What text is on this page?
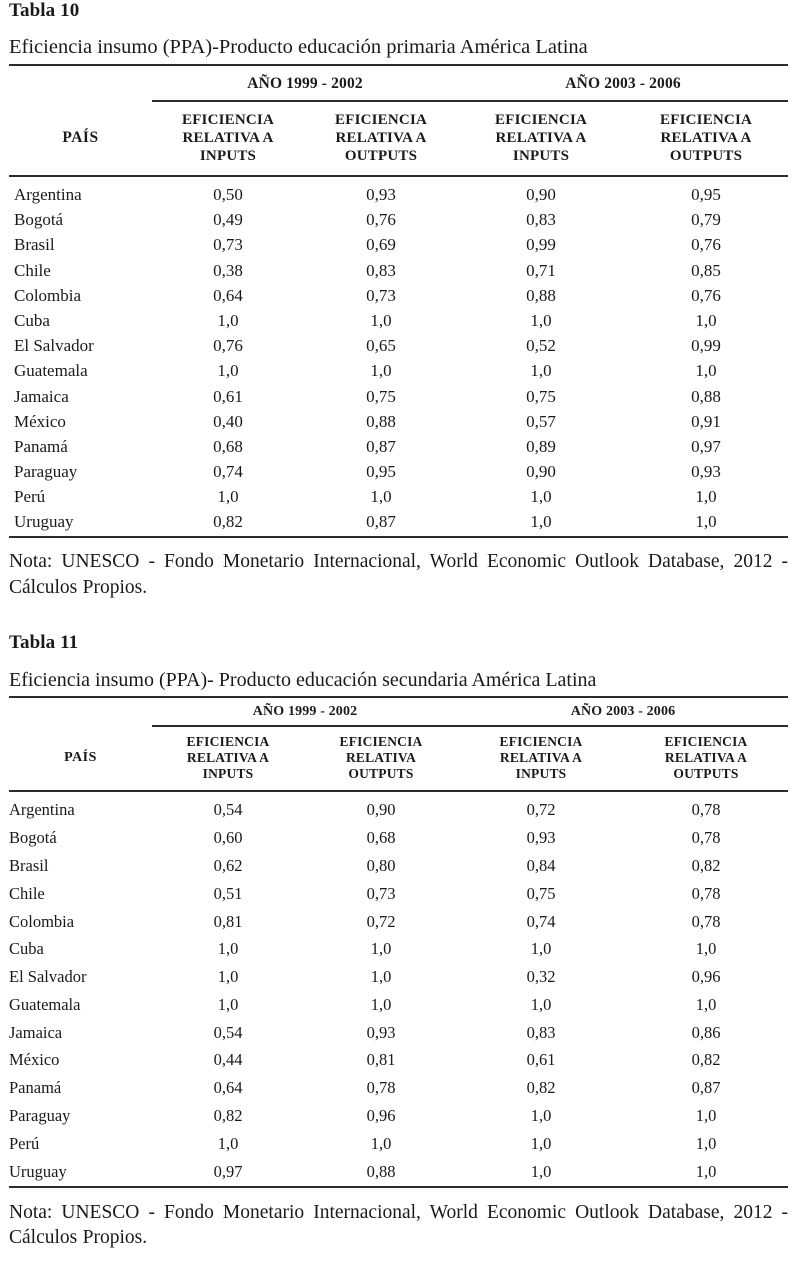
Tabla 10
Eficiencia insumo (PPA)-Producto educación primaria América Latina
	AÑO 1999 - 2002		AÑO 2003 - 2006	

PAÍS	EFICIENCIA
RELATIVA A
INPUTS	EFICIENCIA
RELATIVA A
OUTPUTS	EFICIENCIA
RELATIVA A
INPUTS	EFICIENCIA
RELATIVA A
OUTPUTS
Argentina	0,50	0,93	0,90	0,95
Bogotá	0,49	0,76	0,83	0,79
Brasil	0,73	0,69	0,99	0,76
Chile	0,38	0,83	0,71	0,85
Colombia	0,64	0,73	0,88	0,76
Cuba	1,0	1,0	1,0	1,0
El Salvador	0,76	0,65	0,52	0,99
Guatemala	1,0	1,0	1,0	1,0
Jamaica	0,61	0,75	0,75	0,88
México	0,40	0,88	0,57	0,91
Panamá	0,68	0,87	0,89	0,97
Paraguay	0,74	0,95	0,90	0,93
Perú	1,0	1,0	1,0	1,0
Uruguay	0,82	0,87	1,0	1,0

Nota: UNESCO - Fondo Monetario Internacional, World Economic Outlook Database, 2012 - Cálculos Propios.
Tabla 11
Eficiencia insumo (PPA)- Producto educación secundaria América Latina
	AÑO 1999 - 2002		AÑO 2003 - 2006	

PAÍS	EFICIENCIA
RELATIVA A
INPUTS	EFICIENCIA
RELATIVA
OUTPUTS	EFICIENCIA
RELATIVA A
INPUTS	EFICIENCIA
RELATIVA A
OUTPUTS
Argentina	0,54	0,90	0,72	0,78
Bogotá	0,60	0,68	0,93	0,78
Brasil	0,62	0,80	0,84	0,82
Chile	0,51	0,73	0,75	0,78
Colombia	0,81	0,72	0,74	0,78
Cuba	1,0	1,0	1,0	1,0
El Salvador	1,0	1,0	0,32	0,96
Guatemala	1,0	1,0	1,0	1,0
Jamaica	0,54	0,93	0,83	0,86
México	0,44	0,81	0,61	0,82
Panamá	0,64	0,78	0,82	0,87
Paraguay	0,82	0,96	1,0	1,0
Perú	1,0	1,0	1,0	1,0
Uruguay	0,97	0,88	1,0	1,0

Nota: UNESCO - Fondo Monetario Internacional, World Economic Outlook Database, 2012 - Cálculos Propios.
